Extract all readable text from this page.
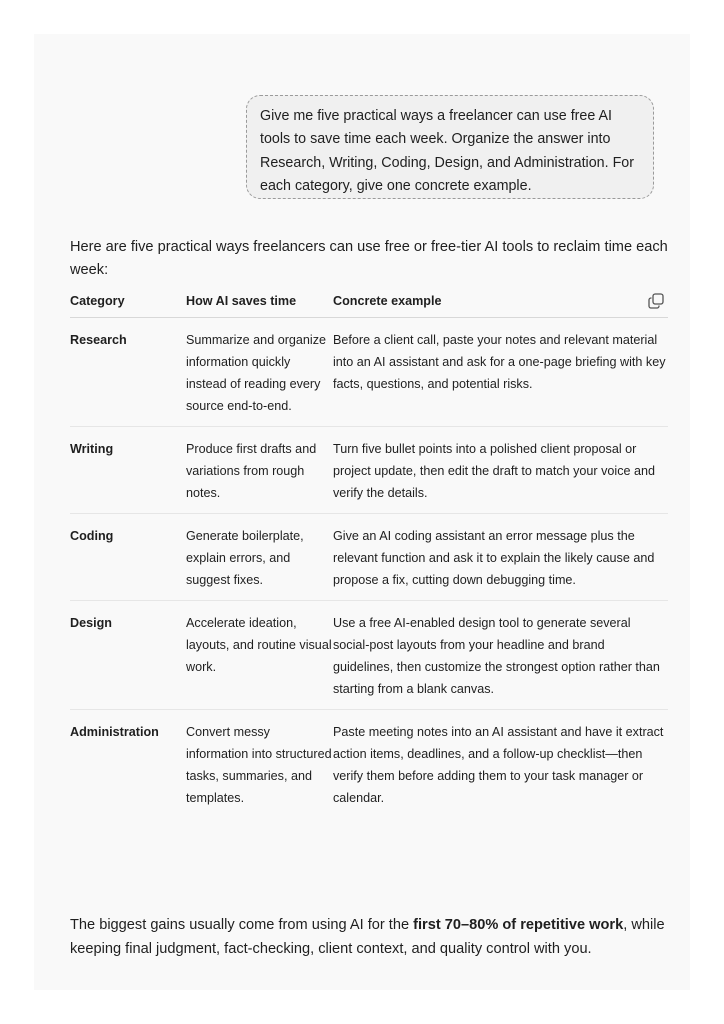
Give me five practical ways a freelancer can use free AI tools to save time each week. Organize the answer into Research, Writing, Coding, Design, and Administration. For each category, give one concrete example.
Here are five practical ways freelancers can use free or free-tier AI tools to reclaim time each week:
Category	How AI saves time	Concrete example
Research	Summarize and organize information quickly instead of reading every source end-to-end.	Before a client call, paste your notes and relevant material into an AI assistant and ask for a one-page briefing with key facts, questions, and potential risks.
Writing	Produce first drafts and variations from rough notes.	Turn five bullet points into a polished client proposal or project update, then edit the draft to match your voice and verify the details.
Coding	Generate boilerplate, explain errors, and suggest fixes.	Give an AI coding assistant an error message plus the relevant function and ask it to explain the likely cause and propose a fix, cutting down debugging time.
Design	Accelerate ideation, layouts, and routine visual work.	Use a free AI-enabled design tool to generate several social-post layouts from your headline and brand guidelines, then customize the strongest option rather than starting from a blank canvas.
Administration	Convert messy information into structured tasks, summaries, and templates.	Paste meeting notes into an AI assistant and have it extract action items, deadlines, and a follow-up checklist—then verify them before adding them to your task manager or calendar.
The biggest gains usually come from using AI for the first 70–80% of repetitive work, while keeping final judgment, fact-checking, client context, and quality control with you.
